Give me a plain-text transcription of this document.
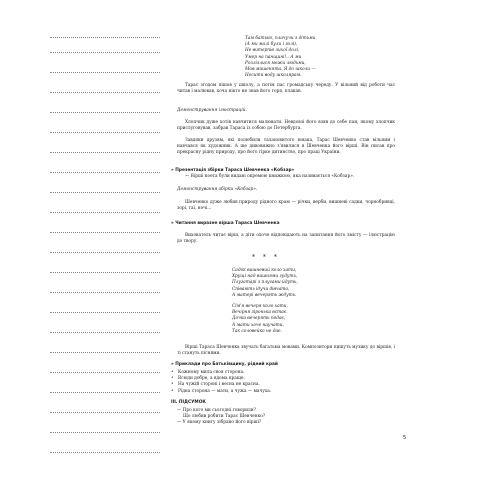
Там батько, плачучи з дітьми
(А ми малі були і голі),
Не витерпів лихої долі,
Умер на панщині!.. А ми
Розлізлися межи людьми,
Мов мишенята. Я до школи —
Носити воду школярам.

Тарас згодом пішов у школу, а потім пас громадську череду. У вільний від роботи час читав і малював, хоча нікто не знав його горя, плакав.

Демонстрування ілюстрацій.

Хлопчик дуже хотів навчитися малювати. Невдовзі його взяв до себе пан, якому хлопчик прислуговував, забрав Тараса із собою до Петербурга.

Завдяки друзям, які полюбили талановитого юнака, Тарас Шевченко став вільним і навчався як художник. А ще дивовижно з'явилися в Шевченка його вірші. Він писав про прекрасну рідну природу, про його гірке дитинство, про праці України.

» Презентація збірки Тараса Шевченка «Кобзар»

— Вірші поета були видані окремою книжкою, яка називається «Кобзар».

Демонстрування збірки «Кобзар».

Шевченко дуже любив природу рідного краю — річки, верби, вишневі садки, чорнобривці, зорі, гаї, ночі...

» Читання виразне вірша Тараса Шевченка

Вихователь читає вірш, а діти охоче відповідають на запитання його змісту — ілюстрацію до твору.

* * *
Садок вишневий коло хати,
Хрущі над вишнями гудуть,
Плугатарі з плугами йдуть,
Співають ідучи дівчата,
А матері вечерять ждуть.
Сім'я вечеря коло хати,
Вечірня зіронька встає.
Дочка вечерять подає,
А мати хоче научати,
Так соловейко не дає.

Вірші Тараса Шевченка звучать багатьма мовами. Композитори пишуть музику до віршів, і ті стануть піснями.

» Приклади про Батьківщину, рідний край

• Кожному мила своя сторона.
• Всюди добре, а вдома краще.
• На чужій стороні і весна не красна.
• Рідна сторона — мати, а чужа — мачуха.

III. ПІДСУМОК

— Про кого ми сьогодні говорили?
Що любив робити Тарас Шевченко?
— У якому книгу зібрано його вірші?
5
